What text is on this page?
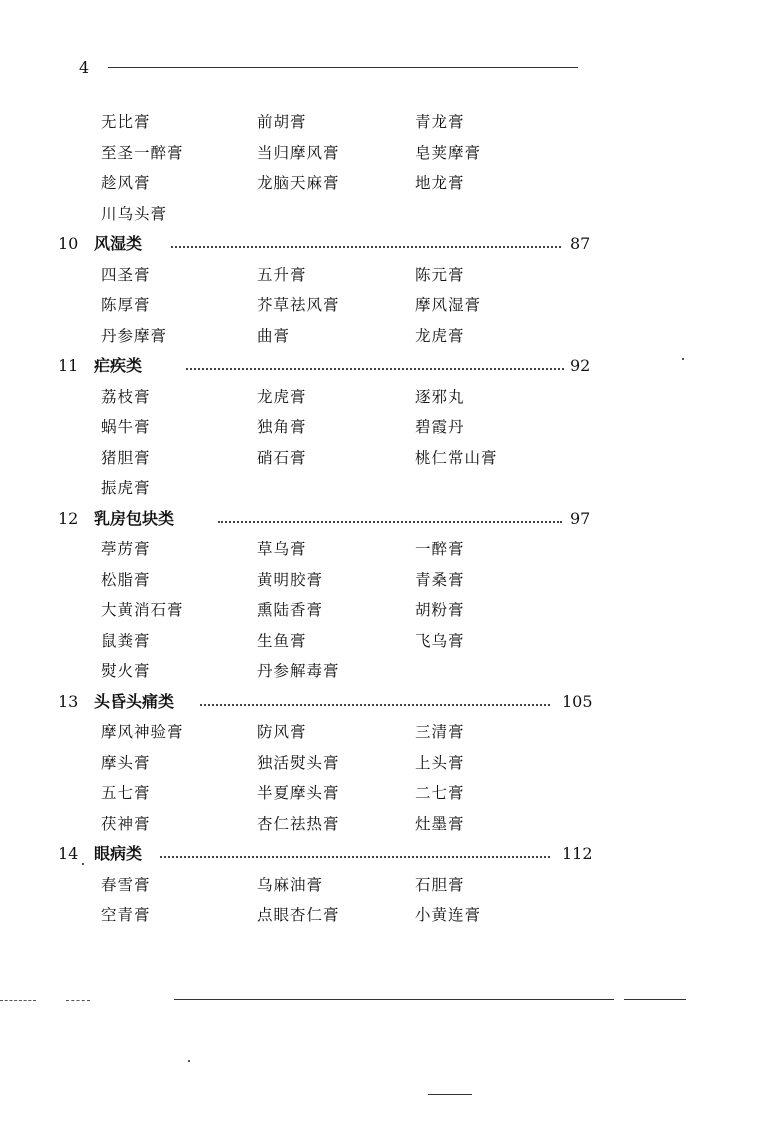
4
无比膏	前胡膏	青龙膏
至圣一醉膏	当归摩风膏	皂荚摩膏
趁风膏	龙脑天麻膏	地龙膏
川乌头膏
10 风湿类	87
四圣膏	五升膏	陈元膏
陈厚膏	芥草祛风膏	摩风湿膏
丹参摩膏	曲膏	龙虎膏
11 疟疾类	92
荔枝膏	龙虎膏	逐邪丸
蜗牛膏	独角膏	碧霞丹
猪胆膏	硝石膏	桃仁常山膏
振虎膏
12 乳房包块类	97
葶苈膏	草乌膏	一醉膏
松脂膏	黄明胶膏	青桑膏
大黄消石膏	熏陆香膏	胡粉膏
鼠粪膏	生鱼膏	飞乌膏
熨火膏	丹参解毒膏
13 头昏头痛类	105
摩风神验膏	防风膏	三清膏
摩头膏	独活熨头膏	上头膏
五七膏	半夏摩头膏	二七膏
茯神膏	杏仁祛热膏	灶墨膏
14 眼病类	112
春雪膏	乌麻油膏	石胆膏
空青膏	点眼杏仁膏	小黄连膏
